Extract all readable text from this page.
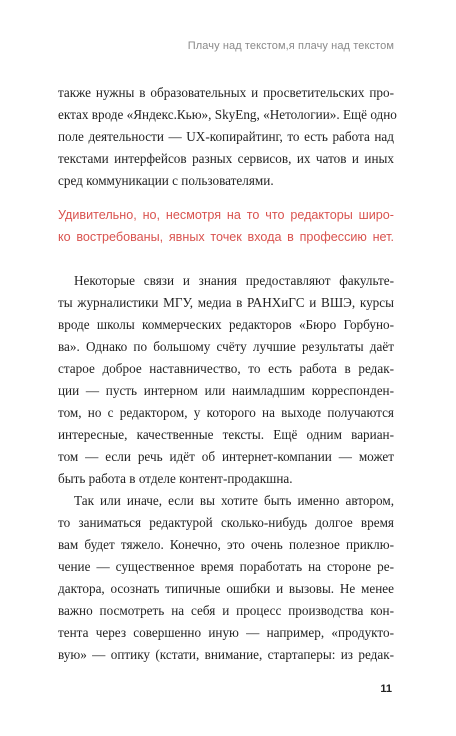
Плачу над текстом,я плачу над текстом
также нужны в образовательных и просветительских про-
ектах вроде «Яндекс.Кью», SkyEng, «Нетологии». Ещё одно
поле деятельности — UX-копирайтинг, то есть работа над
текстами интерфейсов разных сервисов, их чатов и иных
сред коммуникации с пользователями.
Удивительно, но, несмотря на то что редакторы широ-
ко востребованы, явных точек входа в профессию нет.
Некоторые связи и знания предоставляют факульте-
ты журналистики МГУ, медиа в РАНХиГС и ВШЭ, курсы
вроде школы коммерческих редакторов «Бюро Горбуно-
ва». Однако по большому счёту лучшие результаты даёт
старое доброе наставничество, то есть работа в редак-
ции — пусть интерном или наимладшим корреспонден-
том, но с редактором, у которого на выходе получаются
интересные, качественные тексты. Ещё одним вариан-
том — если речь идёт об интернет-компании — может
быть работа в отделе контент-продакшна.
Так или иначе, если вы хотите быть именно автором,
то заниматься редактурой сколько-нибудь долгое время
вам будет тяжело. Конечно, это очень полезное приклю-
чение — существенное время поработать на стороне ре-
дактора, осознать типичные ошибки и вызовы. Не менее
важно посмотреть на себя и процесс производства кон-
тента через совершенно иную — например, «продукто-
вую» — оптику (кстати, внимание, стартаперы: из редак-
11
